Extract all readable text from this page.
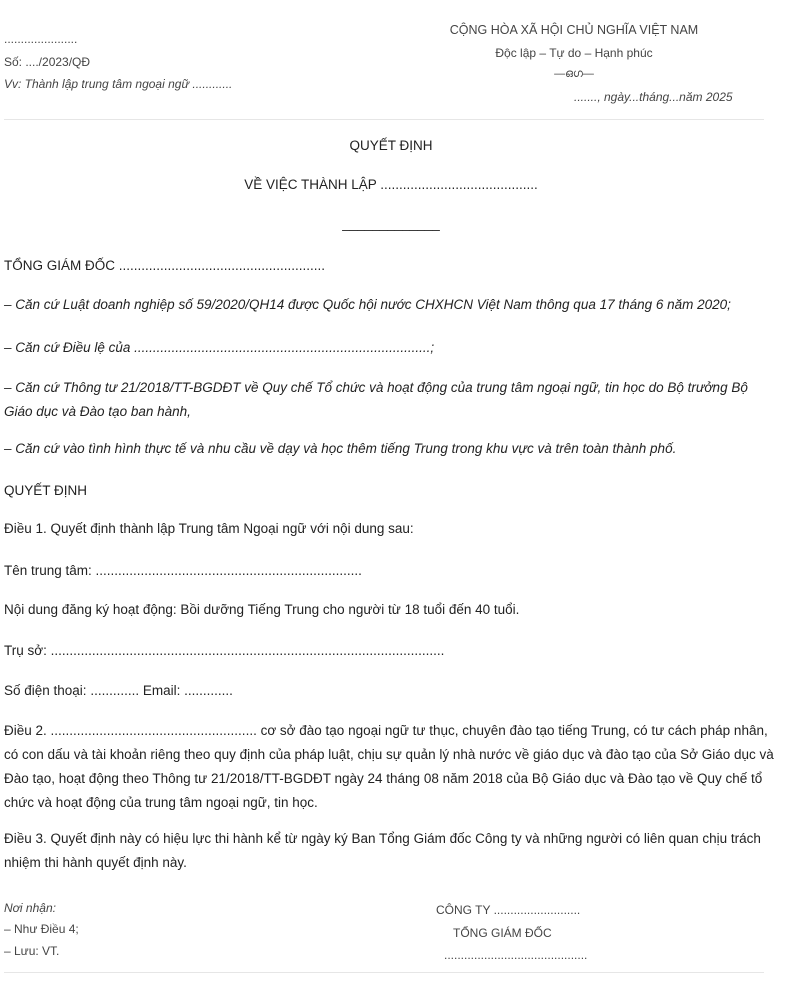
......................
Số: ..../2023/QĐ
Vv: Thành lập trung tâm ngoại ngữ ............
CỘNG HÒA XÃ HỘI CHỦ NGHĨA VIỆT NAM
Độc lập – Tự do – Hạnh phúc
—ഒഗ—
......., ngày...tháng...năm 2025
QUYẾT ĐỊNH
VỀ VIỆC THÀNH LẬP ..........................................
_____________
TỔNG GIÁM ĐỐC .......................................................
– Căn cứ Luật doanh nghiệp số 59/2020/QH14 được Quốc hội nước CHXHCN Việt Nam thông qua 17 tháng 6 năm 2020;
– Căn cứ Điều lệ của ...............................................................................;
– Căn cứ Thông tư 21/2018/TT-BGDĐT về Quy chế Tổ chức và hoạt động của trung tâm ngoại ngữ, tin học do Bộ trưởng Bộ Giáo dục và Đào tạo ban hành,
– Căn cứ vào tình hình thực tế và nhu cầu về dạy và học thêm tiếng Trung trong khu vực và trên toàn thành phố.
QUYẾT ĐỊNH
Điều 1. Quyết định thành lập Trung tâm Ngoại ngữ với nội dung sau:
Tên trung tâm: .......................................................................
Nội dung đăng ký hoạt động: Bồi dưỡng Tiếng Trung cho người từ 18 tuổi đến 40 tuổi.
Trụ sở: .........................................................................................................
Số điện thoại: ............. Email: .............
Điều 2. ....................................................... cơ sở đào tạo ngoại ngữ tư thục, chuyên đào tạo tiếng Trung, có tư cách pháp nhân, có con dấu và tài khoản riêng theo quy định của pháp luật, chịu sự quản lý nhà nước về giáo dục và đào tạo của Sở Giáo dục và Đào tạo, hoạt động theo Thông tư 21/2018/TT-BGDĐT ngày 24 tháng 08 năm 2018 của Bộ Giáo dục và Đào tạo về Quy chế tổ chức và hoạt động của trung tâm ngoại ngữ, tin học.
Điều 3. Quyết định này có hiệu lực thi hành kể từ ngày ký Ban Tổng Giám đốc Công ty và những người có liên quan chịu trách nhiệm thi hành quyết định này.
Nơi nhận:
– Như Điều 4;
– Lưu: VT.
CÔNG TY ..........................
TỔNG GIÁM ĐỐC
...........................................
